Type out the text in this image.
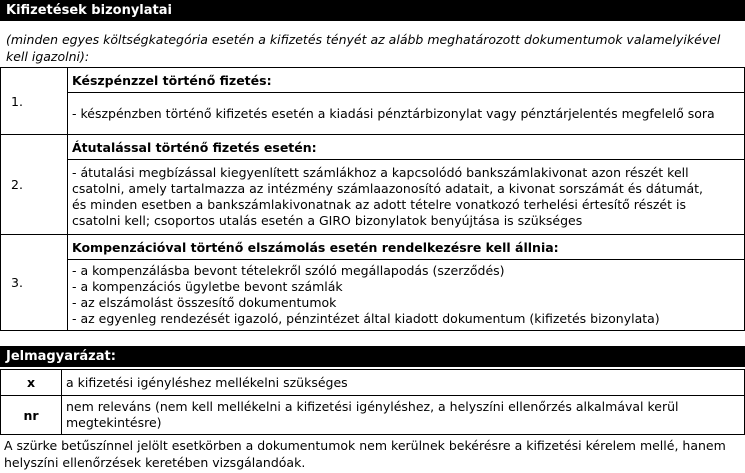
Kifizetések bizonylatai
(minden egyes költségkategória esetén a kifizetés tényét az alább meghatározott dokumentumok valamelyikével kell igazolni):
1.	Készpénzzel történő fizetés:

	- készpénzben történő kifizetés esetén a kiadási pénztárbizonylat vagy pénztárjelentés megfelelő sora

2.	Átutalással történő fizetés esetén:

	- átutalási megbízással kiegyenlített számlákhoz a kapcsolódó bankszámlakivonat azon részét kell
csatolni, amely tartalmazza az intézmény számlaazonosító adatait, a kivonat sorszámát és dátumát,
és minden esetben a bankszámlakivonatnak az adott tételre vonatkozó terhelési értesítő részét is
csatolni kell; csoportos utalás esetén a GIRO bizonylatok benyújtása is szükséges

3.	Kompenzációval történő elszámolás esetén rendelkezésre kell állnia:

	- a kompenzálásba bevont tételekről szóló megállapodás (szerződés)
- a kompenzációs ügyletbe bevont számlák
- az elszámolást összesítő dokumentumok
- az egyenleg rendezését igazoló, pénzintézet által kiadott dokumentum (kifizetés bizonylata)
Jelmagyarázat:
x	a kifizetési igényléshez mellékelni szükséges
nr	nem releváns (nem kell mellékelni a kifizetési igényléshez, a helyszíni ellenőrzés alkalmával kerül megtekintésre)
A szürke betűszínnel jelölt esetkörben a dokumentumok nem kerülnek bekérésre a kifizetési kérelem mellé, hanem helyszíni ellenőrzések keretében vizsgálandóak.
